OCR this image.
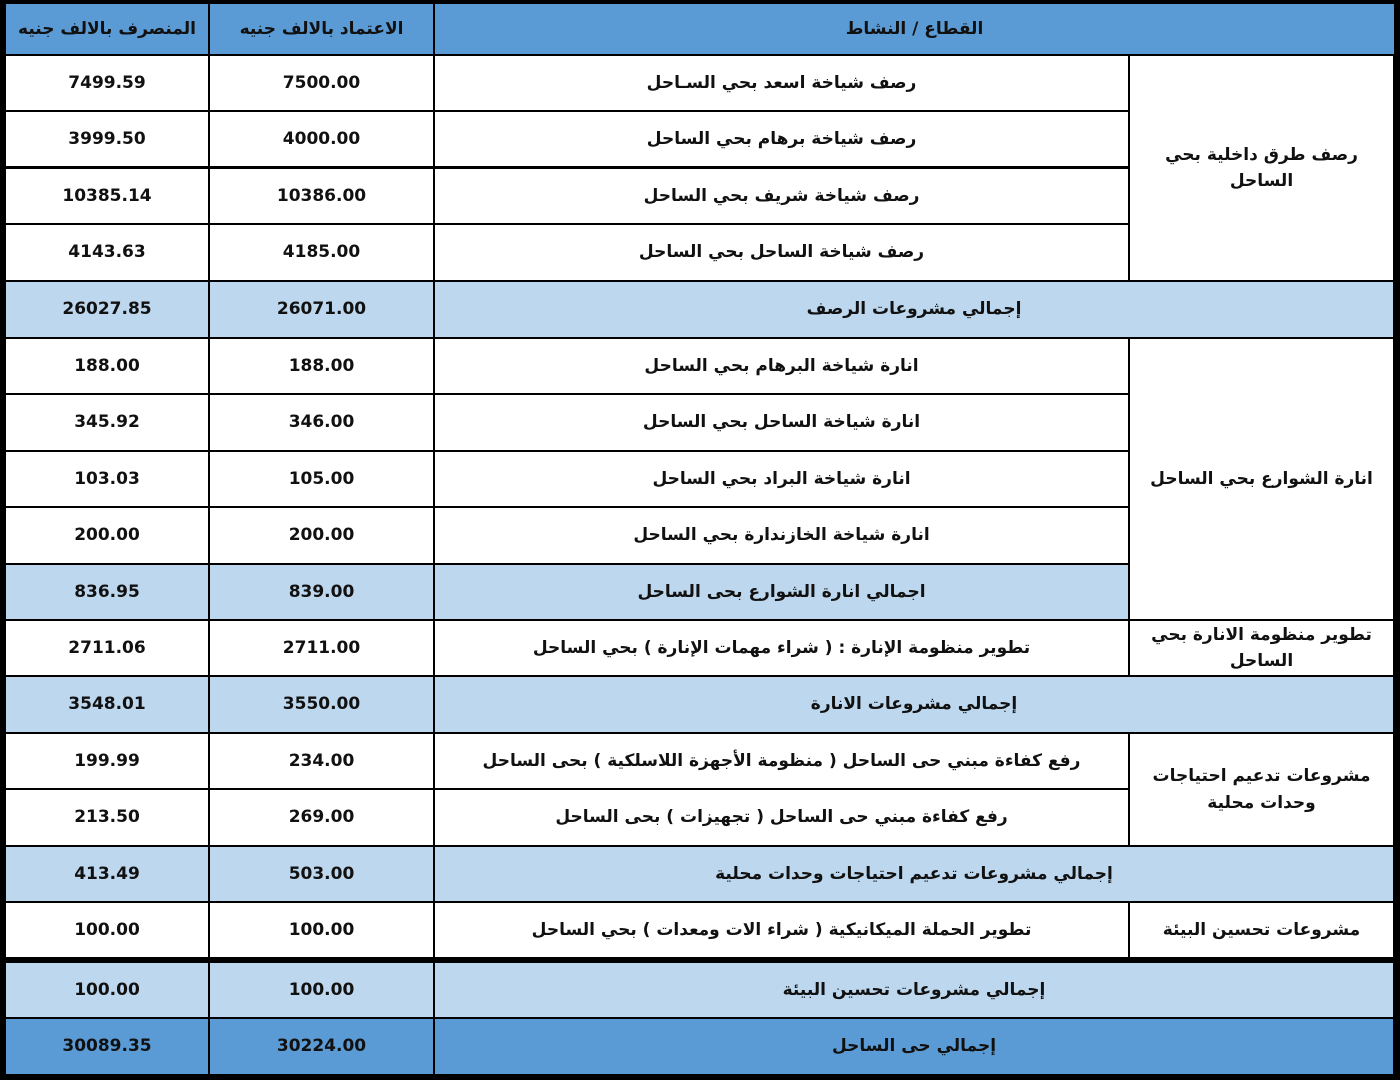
القطاع / النشاط
الاعتماد بالالف جنيه
المنصرف بالالف جنيه
رصف طرق داخلية بحي الساحل
انارة الشوارع بحي الساحل
تطوير منظومة الانارة بحي الساحل
مشروعات تدعيم احتياجات وحدات محلية
مشروعات تحسين البيئة
رصف شياخة اسعد بحي السـاحل
7500.00
7499.59
رصف شياخة برهام بحي الساحل
4000.00
3999.50
رصف شياخة شريف بحي الساحل
10386.00
10385.14
رصف شياخة الساحل بحي الساحل
4185.00
4143.63
إجمالي مشروعات الرصف
26071.00
26027.85
انارة شياخة البرهام بحي الساحل
188.00
188.00
انارة شياخة الساحل بحي الساحل
346.00
345.92
انارة شياخة البراد بحي الساحل
105.00
103.03
انارة شياخة الخازندارة بحي الساحل
200.00
200.00
اجمالي انارة الشوارع بحى الساحل
839.00
836.95
تطوير منظومة الإنارة : ( شراء مهمات الإنارة ) بحي الساحل
2711.00
2711.06
إجمالي مشروعات الانارة
3550.00
3548.01
رفع كفاءة مبني حى الساحل ( منظومة الأجهزة اللاسلكية ) بحى الساحل
234.00
199.99
رفع كفاءة مبني حى الساحل ( تجهيزات ) بحى الساحل
269.00
213.50
إجمالي مشروعات تدعيم احتياجات وحدات محلية
503.00
413.49
تطوير الحملة الميكانيكية ( شراء الات ومعدات ) بحي الساحل
100.00
100.00
إجمالي مشروعات تحسين البيئة
100.00
100.00
إجمالي حى الساحل
30224.00
30089.35
